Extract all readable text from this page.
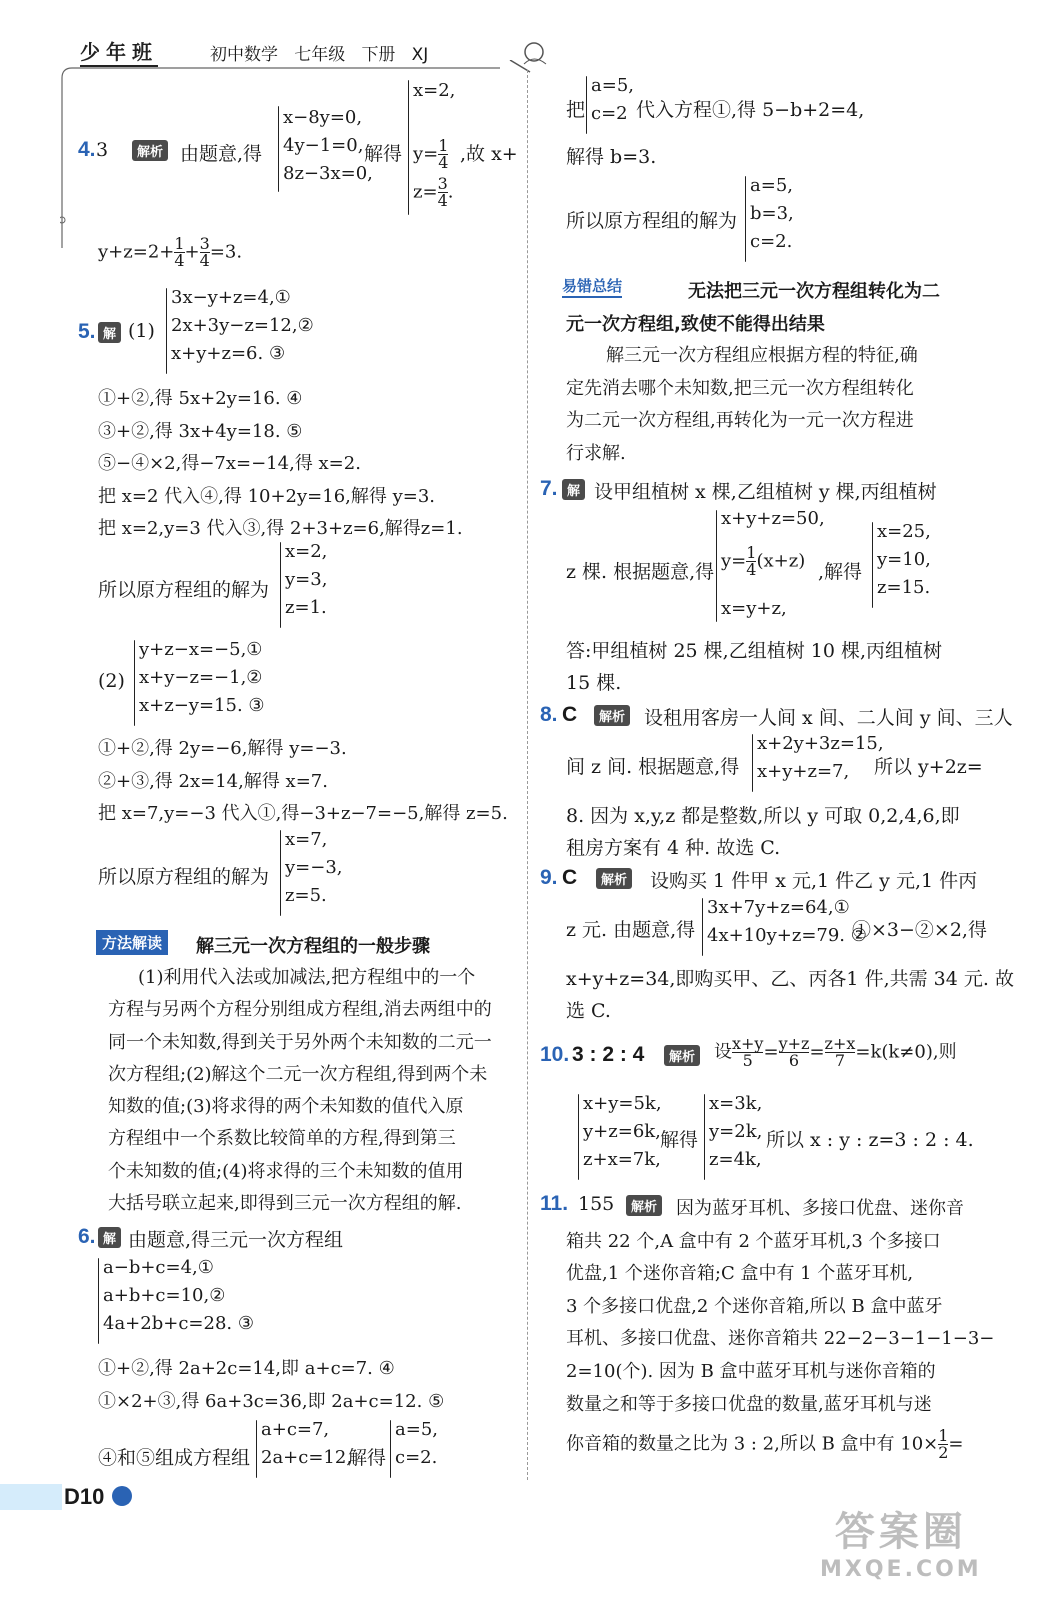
少年班	初中数学 七年级 下册 XJ
4. 3	解析 由题意,得
x−8y=0,
4y−1=0,
8z−3x=0,
解得
x=2,
$y= \frac{1}{4}$
$z= \frac{3}{4}$ .
,故 x+
$y+z=2+ \frac{1}{4} + \frac{3}{4} =3$.
5. 解 (1)
3x−y+z=4,①
2x+3y−z=12,②
x+y+z=6. ③
①+②,得 5x+2y=16. ④
③+②,得 3x+4y=18. ⑤
⑤−④×2,得−7x=−14,得 x=2.
把 x=2 代入④,得 10+2y=16,解得 y=3.
把 x=2,y=3 代入③,得 2+3+z=6,解得z=1.
所以原方程组的解为
x=2,
y=3,
z=1.
(2)
y+z−x=−5,①
x+y−z=−1,②
x+z−y=15. ③
①+②,得 2y=−6,解得 y=−3.
②+③,得 2x=14,解得 x=7.
把 x=7,y=−3 代入①,得−3+z−7=−5,解得 z=5.
所以原方程组的解为
x=7,
y=−3,
z=5.
方法解读	解三元一次方程组的一般步骤
(1)利用代入法或加减法,把方程组中的一个
方程与另两个方程分别组成方程组,消去两组中的
同一个未知数,得到关于另外两个未知数的二元一
次方程组;(2)解这个二元一次方程组,得到两个未
知数的值;(3)将求得的两个未知数的值代入原
方程组中一个系数比较简单的方程,得到第三
个未知数的值;(4)将求得的三个未知数的值用
大括号联立起来,即得到三元一次方程组的解.
6. 解 由题意,得三元一次方程组
a−b+c=4,①
a+b+c=10,②
4a+2b+c=28. ③
①+②,得 2a+2c=14,即 a+c=7. ④
①×2+③,得 6a+3c=36,即 2a+c=12. ⑤
④和⑤组成方程组
a+c=7,
2a+c=12,
解得
a=5,
c=2.
把
a=5,
c=2 代入方程①,得 5−b+2=4,
解得 b=3.
所以原方程组的解为
a=5,
b=3,
c=2.
易错总结	无法把三元一次方程组转化为二
元一次方程组,致使不能得出结果
解三元一次方程组应根据方程的特征,确
定先消去哪个未知数,把三元一次方程组转化
为二元一次方程组,再转化为一元一次方程进
行求解.
7. 解 设甲组植树 x 棵,乙组植树 y 棵,丙组植树
z 棵. 根据题意,得
x+y+z=50,
$y= \frac{1}{4} (x+z)$
x=y+z,
,解得
x=25,
y=10,
z=15.
答:甲组植树 25 棵,乙组植树 10 棵,丙组植树
15 棵.
8. C	解析 设租用客房一人间 x 间、二人间 y 间、三人
间 z 间. 根据题意,得
x+2y+3z=15,
x+y+z=7,	所以 y+2z=
8. 因为 x,y,z 都是整数,所以 y 可取 0,2,4,6,即
租房方案有 4 种. 故选 C.
9. C	解析 设购买 1 件甲 x 元,1 件乙 y 元,1 件丙
z 元. 由题意,得
3x+7y+z=64,①
4x+10y+z=79. ②
①×3−②×2,得
x+y+z=34,即购买甲、乙、丙各1 件,共需 34 元. 故
选 C.
10. 3 : 2 : 4	解析 设 $\frac{x+y}{5} = \frac{y+z}{6} = \frac{z+x}{7} =k(k\ne 0)$,则
x+y=5k,
y+z=6k,
z+x=7k,
解得
x=3k,
y=2k,
z=4k,
所以 x : y : z=3 : 2 : 4.
11. 155	解析	因为蓝牙耳机、多接口优盘、迷你音
箱共 22 个,A 盒中有 2 个蓝牙耳机,3 个多接口
优盘,1 个迷你音箱;C 盒中有 1 个蓝牙耳机,
3 个多接口优盘,2 个迷你音箱,所以 B 盒中蓝牙
耳机、多接口优盘、迷你音箱共 22−2−3−1−1−3−
2=10(个). 因为 B 盒中蓝牙耳机与迷你音箱的
数量之和等于多接口优盘的数量,蓝牙耳机与迷
你音箱的数量之比为 3 : 2,所以 B 盒中有 $10\times \frac{1}{2}$ =
D10
答案圈
MXQE.COM
